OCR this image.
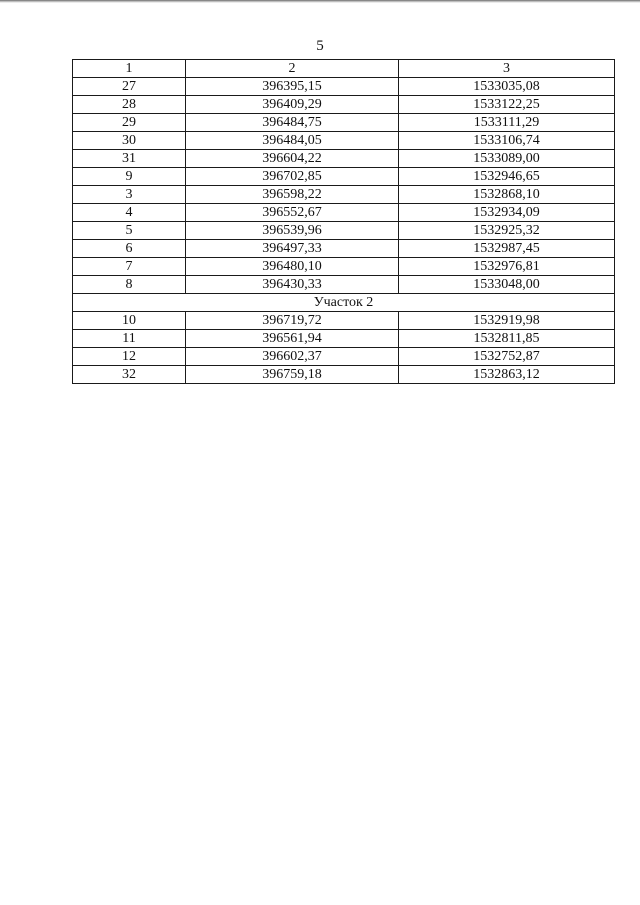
5
1	2	3
27	396395,15	1533035,08
28	396409,29	1533122,25
29	396484,75	1533111,29
30	396484,05	1533106,74
31	396604,22	1533089,00
9	396702,85	1532946,65
3	396598,22	1532868,10
4	396552,67	1532934,09
5	396539,96	1532925,32
6	396497,33	1532987,45
7	396480,10	1532976,81
8	396430,33	1533048,00
Участок 2		
10	396719,72	1532919,98
11	396561,94	1532811,85
12	396602,37	1532752,87
32	396759,18	1532863,12
